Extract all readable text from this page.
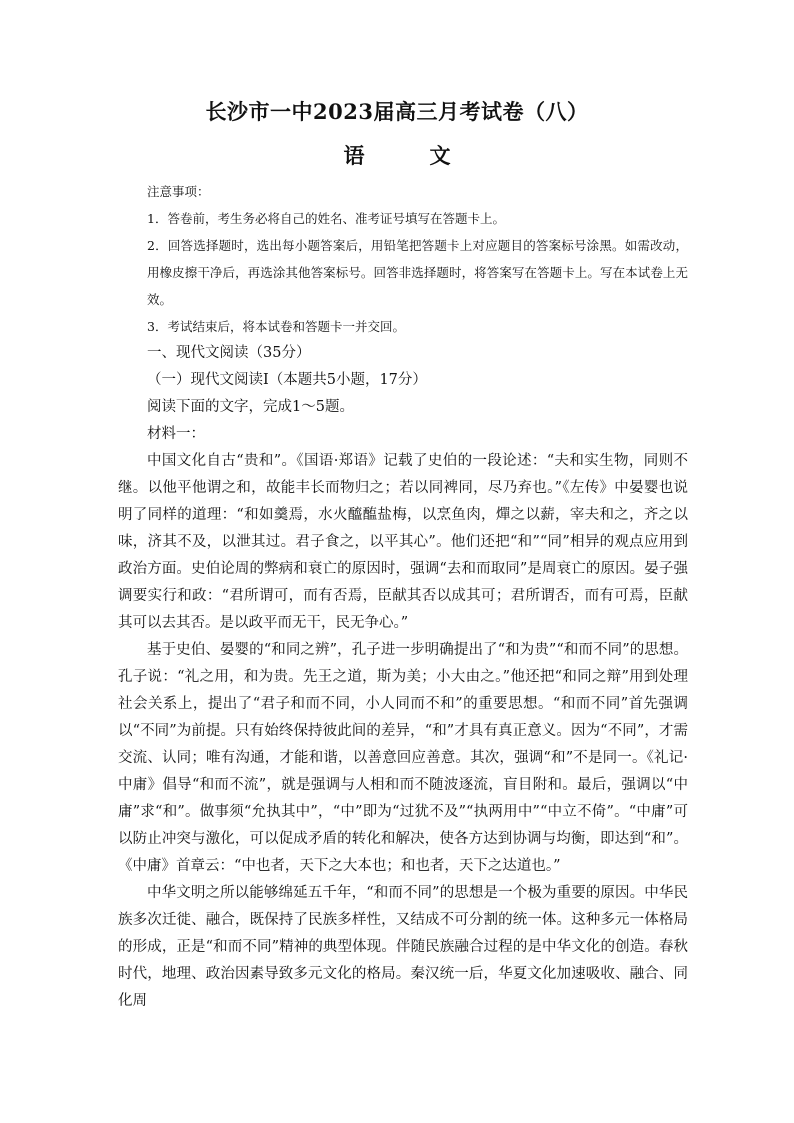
长沙市一中2023届高三月考试卷（八）
语　文
注意事项：
1．答卷前，考生务必将自己的姓名、准考证号填写在答题卡上。
2．回答选择题时，选出每小题答案后，用铅笔把答题卡上对应题目的答案标号涂黑。如需改动，用橡皮擦干净后，再选涂其他答案标号。回答非选择题时，将答案写在答题卡上。写在本试卷上无效。
3．考试结束后，将本试卷和答题卡一并交回。
一、现代文阅读（35分）
（一）现代文阅读I（本题共5小题，17分）
阅读下面的文字，完成1～5题。
材料一：

中国文化自古“贵和”。《国语·郑语》记载了史伯的一段论述：“夫和实生物，同则不继。以他平他谓之和，故能丰长而物归之；若以同裨同，尽乃弃也。”《左传》中晏婴也说明了同样的道理：“和如羹焉，水火醯醢盐梅，以烹鱼肉，燀之以薪，宰夫和之，齐之以味，济其不及，以泄其过。君子食之，以平其心”。他们还把“和”“同”相异的观点应用到政治方面。史伯论周的弊病和衰亡的原因时，强调“去和而取同”是周衰亡的原因。晏子强调要实行和政：“君所谓可，而有否焉，臣献其否以成其可；君所谓否，而有可焉，臣献其可以去其否。是以政平而无干，民无争心。”

基于史伯、晏婴的“和同之辨”，孔子进一步明确提出了“和为贵”“和而不同”的思想。孔子说：“礼之用，和为贵。先王之道，斯为美；小大由之。”他还把“和同之辩”用到处理社会关系上，提出了“君子和而不同，小人同而不和”的重要思想。“和而不同”首先强调以“不同”为前提。只有始终保持彼此间的差异，“和”才具有真正意义。因为“不同”，才需交流、认同；唯有沟通，才能和谐，以善意回应善意。其次，强调“和”不是同一。《礼记·中庸》倡导“和而不流”，就是强调与人相和而不随波逐流，盲目附和。最后，强调以“中庸”求“和”。做事须“允执其中”，“中”即为“过犹不及”“执两用中”“中立不倚”。“中庸”可以防止冲突与激化，可以促成矛盾的转化和解决，使各方达到协调与均衡，即达到“和”。《中庸》首章云：“中也者，天下之大本也；和也者，天下之达道也。”

中华文明之所以能够绵延五千年，“和而不同”的思想是一个极为重要的原因。中华民族多次迁徙、融合，既保持了民族多样性，又结成不可分割的统一体。这种多元一体格局的形成，正是“和而不同”精神的典型体现。伴随民族融合过程的是中华文化的创造。春秋时代，地理、政治因素导致多元文化的格局。秦汉统一后，华夏文化加速吸收、融合、同化周
